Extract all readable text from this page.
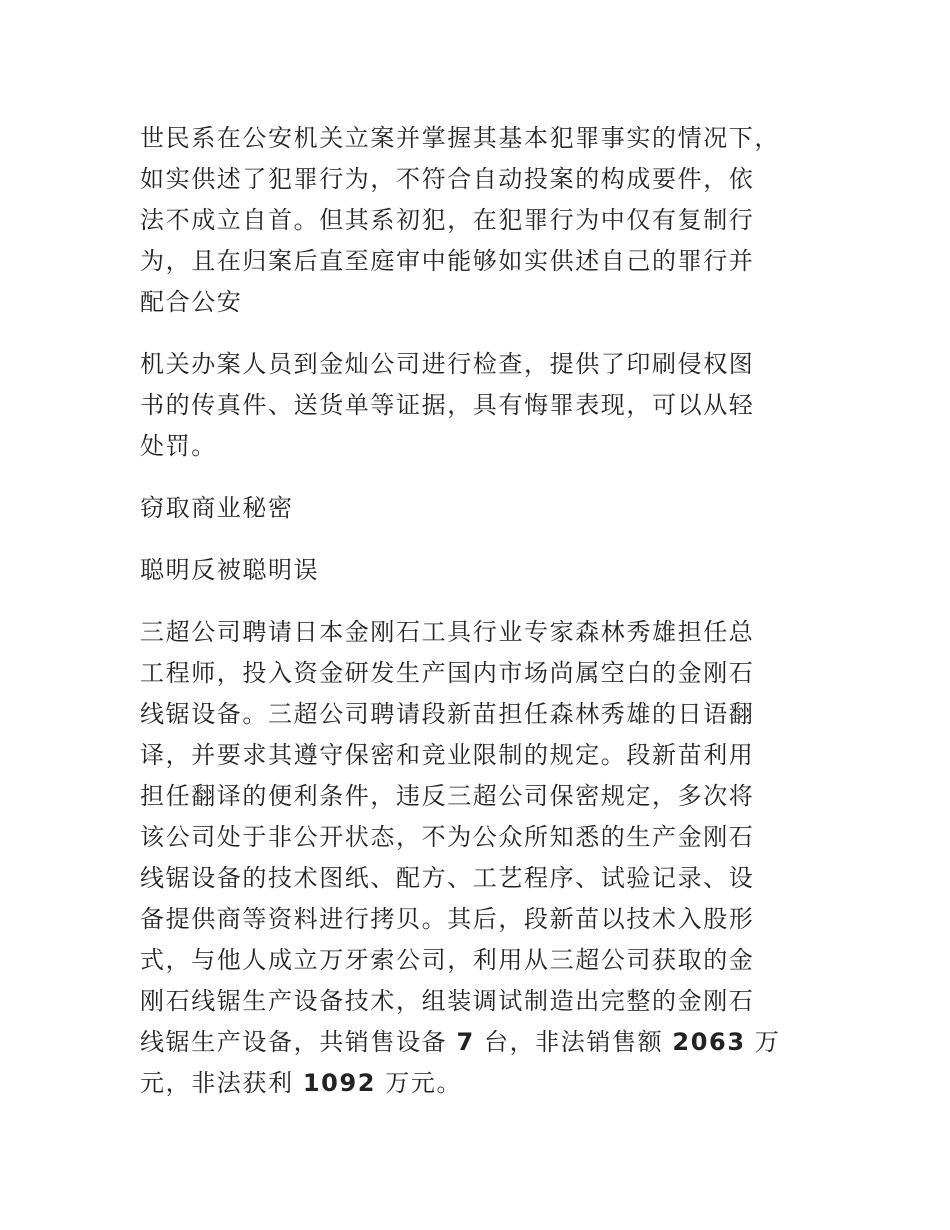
世民系在公安机关立案并掌握其基本犯罪事实的情况下，
如实供述了犯罪行为，不符合自动投案的构成要件，依
法不成立自首。但其系初犯，在犯罪行为中仅有复制行
为，且在归案后直至庭审中能够如实供述自己的罪行并
配合公安

机关办案人员到金灿公司进行检查，提供了印刷侵权图
书的传真件、送货单等证据，具有悔罪表现，可以从轻
处罚。

窃取商业秘密

聪明反被聪明误

三超公司聘请日本金刚石工具行业专家森林秀雄担任总
工程师，投入资金研发生产国内市场尚属空白的金刚石
线锯设备。三超公司聘请段新苗担任森林秀雄的日语翻
译，并要求其遵守保密和竞业限制的规定。段新苗利用
担任翻译的便利条件，违反三超公司保密规定，多次将
该公司处于非公开状态，不为公众所知悉的生产金刚石
线锯设备的技术图纸、配方、工艺程序、试验记录、设
备提供商等资料进行拷贝。其后，段新苗以技术入股形
式，与他人成立万牙索公司，利用从三超公司获取的金
刚石线锯生产设备技术，组装调试制造出完整的金刚石
线锯生产设备，共销售设备 7 台，非法销售额 2063 万
元，非法获利 1092 万元。
